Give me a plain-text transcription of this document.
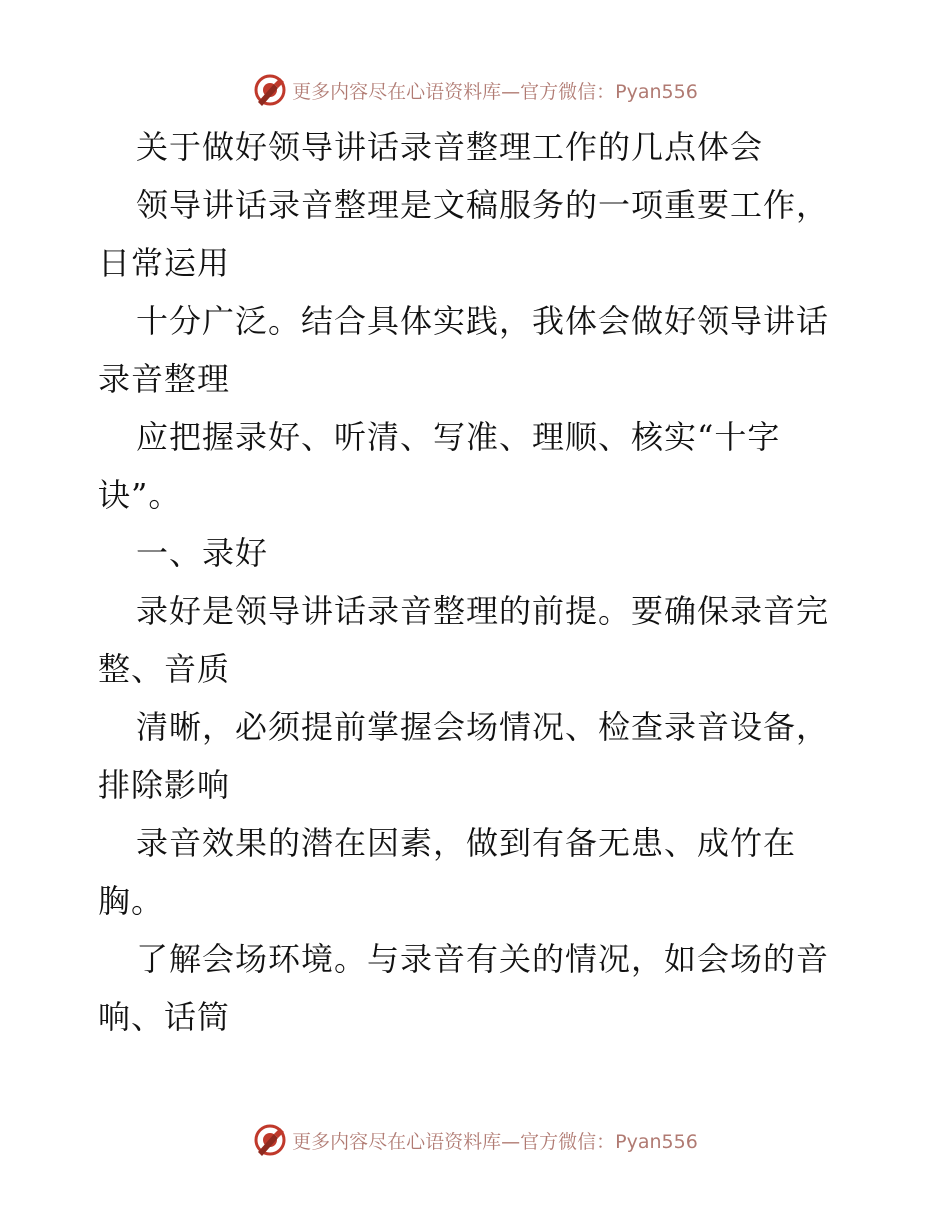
更多内容尽在心语资料库—官方微信：Pyan556

关于做好领导讲话录音整理工作的几点体会

领导讲话录音整理是文稿服务的一项重要工作，

日常运用

十分广泛。结合具体实践，我体会做好领导讲话

录音整理

应把握录好、听清、写准、理顺、核实“十字

诀”。

一、录好

录好是领导讲话录音整理的前提。要确保录音完

整、音质

清晰，必须提前掌握会场情况、检查录音设备，

排除影响

录音效果的潜在因素，做到有备无患、成竹在

胸。

了解会场环境。与录音有关的情况，如会场的音

响、话筒

更多内容尽在心语资料库—官方微信：Pyan556
